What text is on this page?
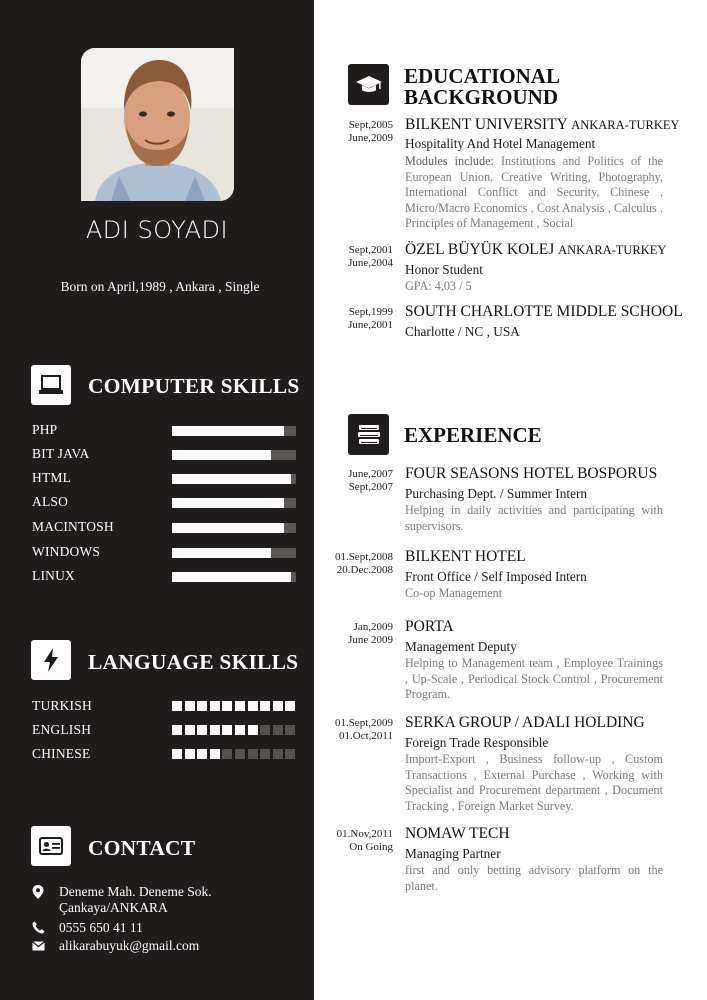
ADI SOYADI
Born on April,1989 , Ankara , Single
COMPUTER SKILLS
PHP
BIT JAVA
HTML
ALSO
MACINTOSH
WINDOWS
LINUX
LANGUAGE SKILLS
TURKISH
ENGLISH
CHINESE
CONTACT
Deneme Mah. Deneme Sok. Çankaya/ANKARA
0555 650 41 11
alikarabuyuk@gmail.com
EDUCATIONAL
BACKGROUND
Sept,2005
June,2009
BILKENT UNIVERSITY ANKARA-TURKEY
Hospitality And Hotel Management
Modules include: Institutions and Politics of the European Union, Creative Writing, Photography, International Conflict and Security, Chinese , Micro/Macro Economics , Cost Analysis , Calculus , Principles of Management , Social
Sept,2001
June,2004
ÖZEL BÜYÜK KOLEJ ANKARA-TURKEY
Honor Student
GPA: 4,03 / 5
Sept,1999
June,2001
SOUTH CHARLOTTE MIDDLE SCHOOL
Charlotte / NC , USA
EXPERIENCE
June,2007
Sept,2007
FOUR SEASONS HOTEL BOSPORUS
Purchasing Dept. / Summer Intern
Helping in daily activities and participating with supervisors.
01.Sept,2008
20.Dec.2008
BILKENT HOTEL
Front Office / Self Imposed Intern
Co-op Management
Jan,2009
June 2009
PORTA
Management Deputy
Helping to Management team , Employee Trainings , Up-Scale , Periodical Stock Control , Procurement Program.
01.Sept,2009
01.Oct,2011
SERKA GROUP / ADALI HOLDING
Foreign Trade Responsible
Import-Export , Business follow-up , Custom Transactions , External Purchase , Working with Specialist and Procurement department , Document Tracking , Foreign Market Survey.
01.Nov,2011
On Going
NOMAW TECH
Managing Partner
first and only betting advisory platform on the planet.
